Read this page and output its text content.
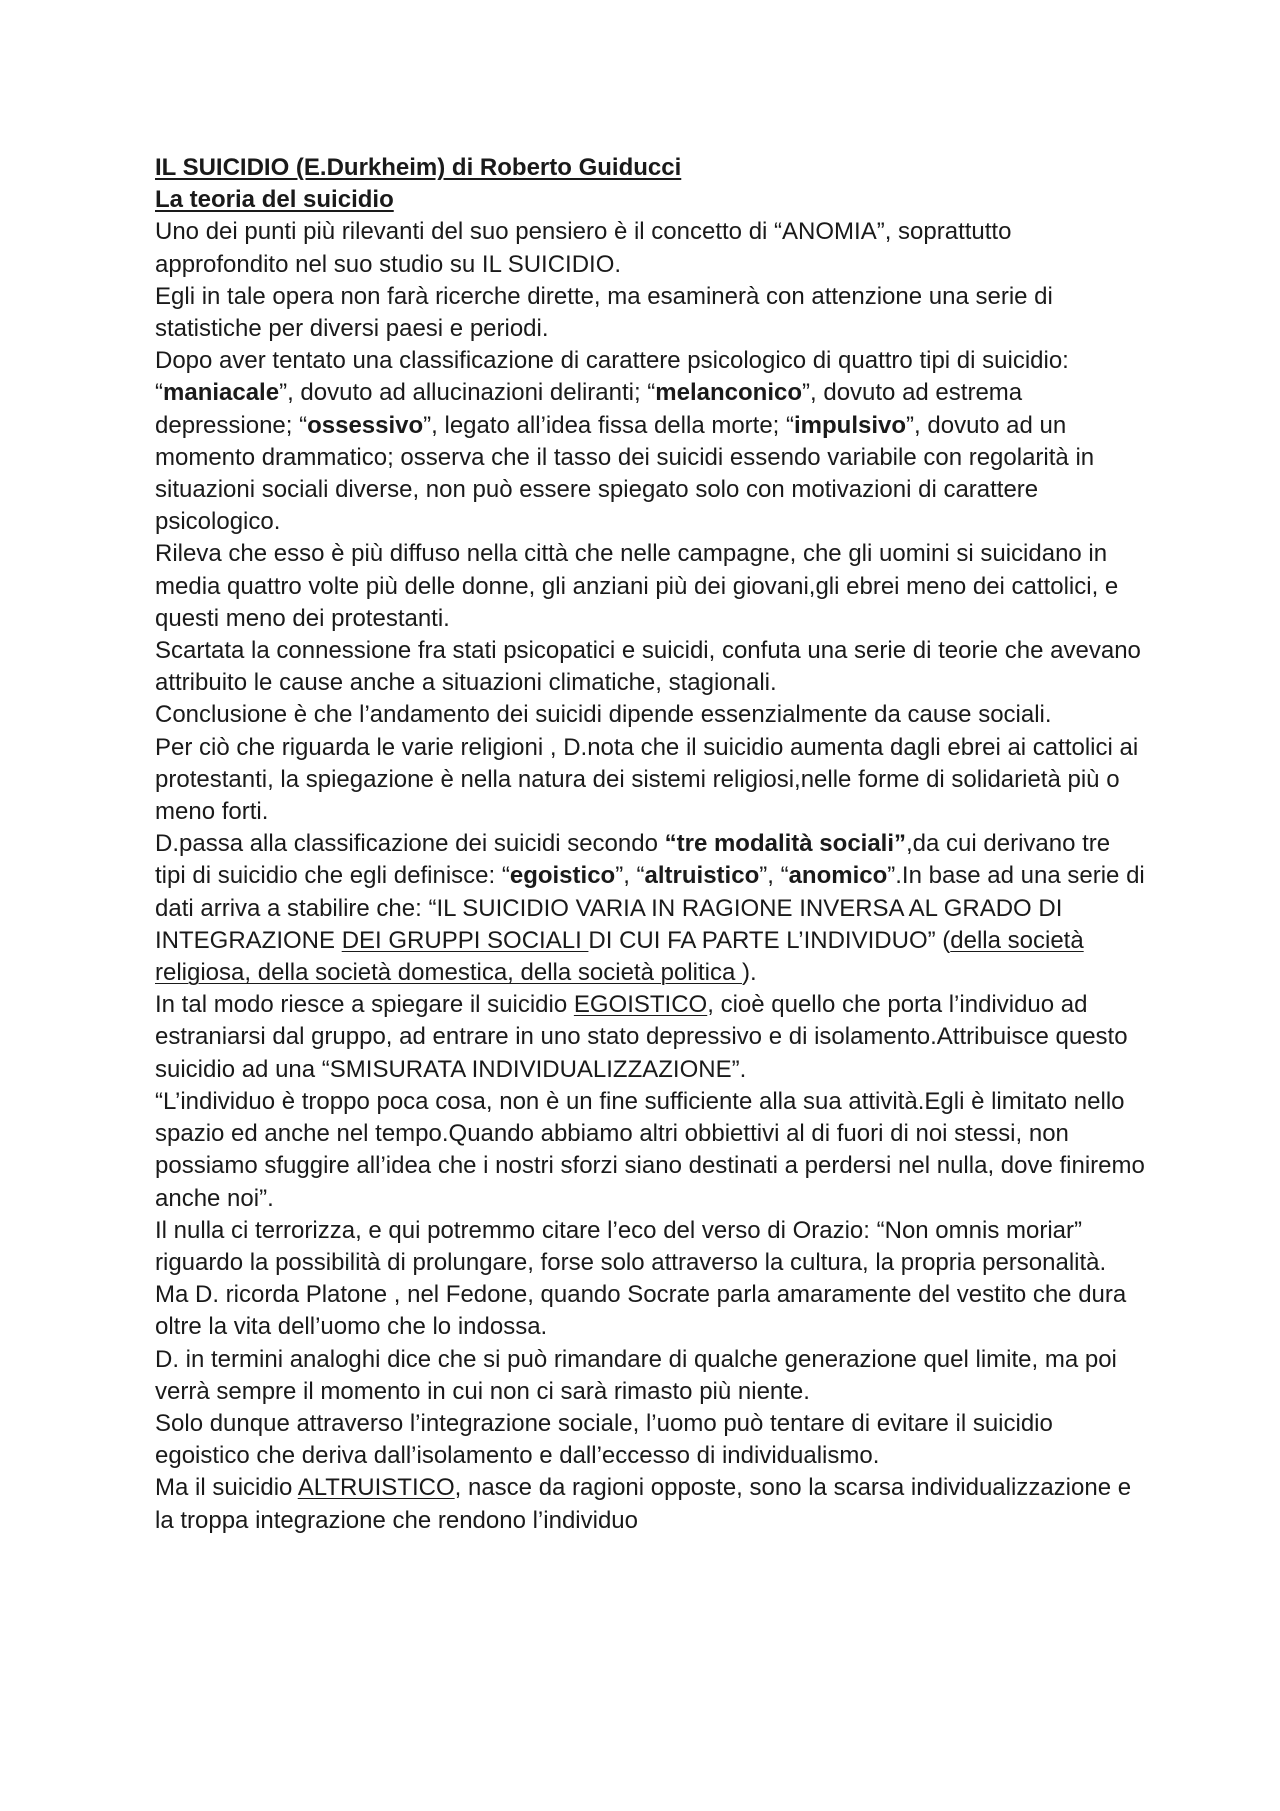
IL SUICIDIO (E.Durkheim) di Roberto Guiducci
La teoria del suicidio

Uno dei punti più rilevanti del suo pensiero è il concetto di “ANOMIA”, soprattutto approfondito nel suo studio su IL SUICIDIO.

Egli in tale opera non farà ricerche dirette, ma esaminerà con attenzione una serie di statistiche per diversi paesi e periodi.

Dopo aver tentato una classificazione di carattere psicologico di quattro tipi di suicidio: “maniacale”, dovuto ad allucinazioni deliranti; “melanconico”, dovuto ad estrema depressione; “ossessivo”, legato all’idea fissa della morte; “impulsivo”, dovuto ad un momento drammatico; osserva che il tasso dei suicidi essendo variabile con regolarità in situazioni sociali diverse, non può essere spiegato solo con motivazioni di carattere psicologico.

Rileva che esso è più diffuso nella città che nelle campagne, che gli uomini si suicidano in media quattro volte più delle donne, gli anziani più dei giovani,gli ebrei meno dei cattolici, e questi meno dei protestanti.

Scartata la connessione fra stati psicopatici e suicidi, confuta una serie di teorie che avevano attribuito le cause anche a situazioni climatiche, stagionali.

Conclusione è che l’andamento dei suicidi dipende essenzialmente da cause sociali.

Per ciò che riguarda le varie religioni , D.nota che il suicidio aumenta dagli ebrei ai cattolici ai protestanti, la spiegazione è nella natura dei sistemi religiosi,nelle forme di solidarietà più o meno forti.

D.passa alla classificazione dei suicidi secondo “tre modalità sociali”,da cui derivano tre tipi di suicidio che egli definisce: “egoistico”, “altruistico”, “anomico”.In base ad una serie di dati arriva a stabilire che: “IL SUICIDIO VARIA IN RAGIONE INVERSA AL GRADO DI INTEGRAZIONE DEI GRUPPI SOCIALI DI CUI FA PARTE L’INDIVIDUO” (della società religiosa, della società domestica, della società politica ).

In tal modo riesce a spiegare il suicidio EGOISTICO, cioè quello che porta l’individuo ad estraniarsi dal gruppo, ad entrare in uno stato depressivo e di isolamento.Attribuisce questo suicidio ad una “SMISURATA INDIVIDUALIZZAZIONE”.

“L’individuo è troppo poca cosa, non è un fine sufficiente alla sua attività.Egli è limitato nello spazio ed anche nel tempo.Quando abbiamo altri obbiettivi al di fuori di noi stessi, non possiamo sfuggire all’idea che i nostri sforzi siano destinati a perdersi nel nulla, dove finiremo anche noi”.

Il nulla ci terrorizza, e qui potremmo citare l’eco del verso di Orazio: “Non omnis moriar” riguardo la possibilità di prolungare, forse solo attraverso la cultura, la propria personalità.

Ma D. ricorda Platone , nel Fedone, quando Socrate parla amaramente del vestito che dura oltre la vita dell’uomo che lo indossa.

D. in termini analoghi dice che si può rimandare di qualche generazione quel limite, ma poi verrà sempre il momento in cui non ci sarà rimasto più niente.

Solo dunque attraverso l’integrazione sociale, l’uomo può tentare di evitare il suicidio egoistico che deriva dall’isolamento e dall’eccesso di individualismo.

Ma il suicidio ALTRUISTICO, nasce da ragioni opposte, sono la scarsa individualizzazione e la troppa integrazione che rendono l’individuo
